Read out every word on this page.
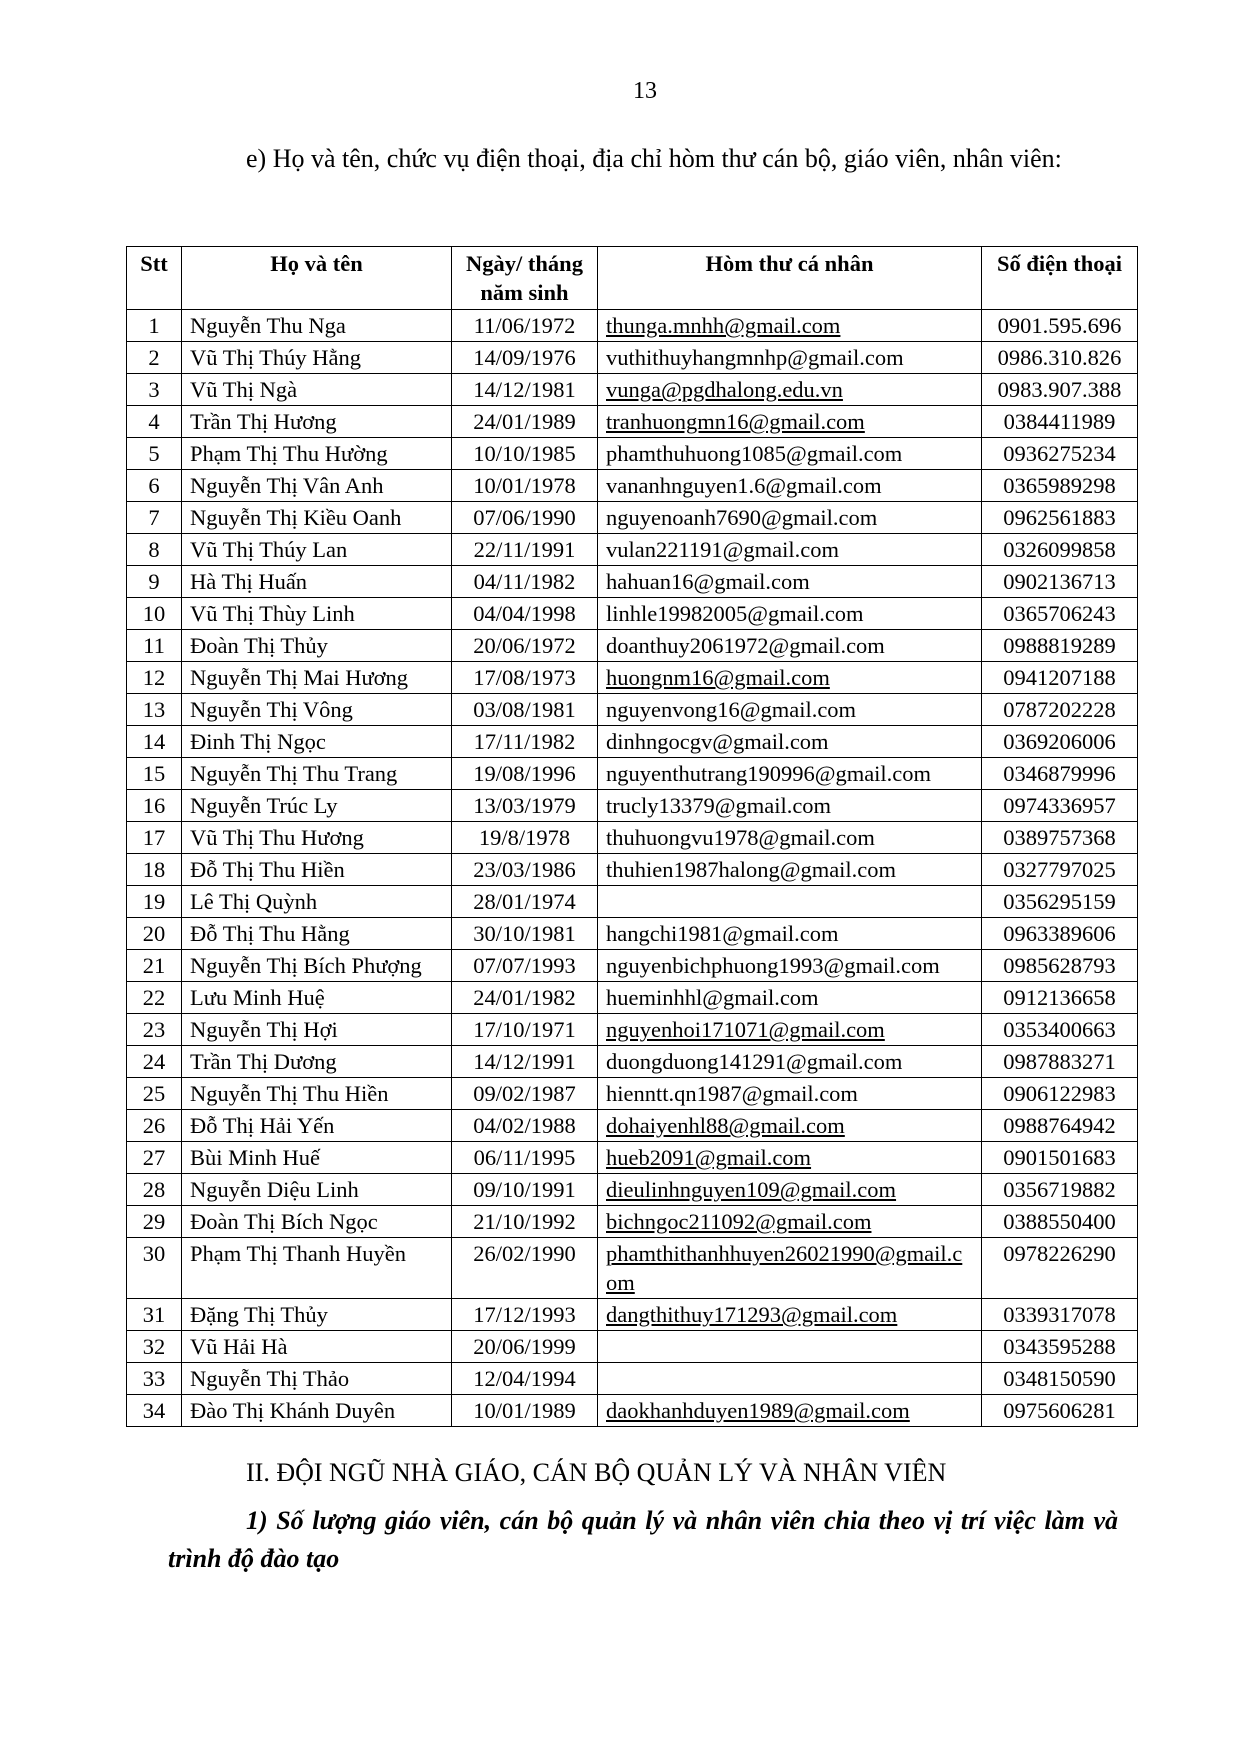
13
e) Họ và tên, chức vụ điện thoại, địa chỉ hòm thư cán bộ, giáo viên, nhân viên:
Stt	Họ và tên	Ngày/ tháng năm sinh	Hòm thư cá nhân	Số điện thoại
1	Nguyễn Thu Nga	11/06/1972	thunga.mnhh@gmail.com	0901.595.696
2	Vũ Thị Thúy Hằng	14/09/1976	vuthithuyhangmnhp@gmail.com	0986.310.826
3	Vũ Thị Ngà	14/12/1981	vunga@pgdhalong.edu.vn	0983.907.388
4	Trần Thị Hương	24/01/1989	tranhuongmn16@gmail.com	0384411989
5	Phạm Thị Thu Hường	10/10/1985	phamthuhuong1085@gmail.com	0936275234
6	Nguyễn Thị Vân Anh	10/01/1978	vananhnguyen1.6@gmail.com	0365989298
7	Nguyễn Thị Kiều Oanh	07/06/1990	nguyenoanh7690@gmail.com	0962561883
8	Vũ Thị Thúy Lan	22/11/1991	vulan221191@gmail.com	0326099858
9	Hà Thị Huấn	04/11/1982	hahuan16@gmail.com	0902136713
10	Vũ Thị Thùy Linh	04/04/1998	linhle19982005@gmail.com	0365706243
11	Đoàn Thị Thủy	20/06/1972	doanthuy2061972@gmail.com	0988819289
12	Nguyễn Thị Mai Hương	17/08/1973	huongnm16@gmail.com	0941207188
13	Nguyễn Thị Vông	03/08/1981	nguyenvong16@gmail.com	0787202228
14	Đinh Thị Ngọc	17/11/1982	dinhngocgv@gmail.com	0369206006
15	Nguyễn Thị Thu Trang	19/08/1996	nguyenthutrang190996@gmail.com	0346879996
16	Nguyễn Trúc Ly	13/03/1979	trucly13379@gmail.com	0974336957
17	Vũ Thị Thu Hương	19/8/1978	thuhuongvu1978@gmail.com	0389757368
18	Đỗ Thị Thu Hiền	23/03/1986	thuhien1987halong@gmail.com	0327797025
19	Lê Thị Quỳnh	28/01/1974		0356295159
20	Đỗ Thị Thu Hằng	30/10/1981	hangchi1981@gmail.com	0963389606
21	Nguyễn Thị Bích Phượng	07/07/1993	nguyenbichphuong1993@gmail.com	0985628793
22	Lưu Minh Huệ	24/01/1982	hueminhhl@gmail.com	0912136658
23	Nguyễn Thị Hợi	17/10/1971	nguyenhoi171071@gmail.com	0353400663
24	Trần Thị Dương	14/12/1991	duongduong141291@gmail.com	0987883271
25	Nguyễn Thị Thu Hiền	09/02/1987	hienntt.qn1987@gmail.com	0906122983
26	Đỗ Thị Hải Yến	04/02/1988	dohaiyenhl88@gmail.com	0988764942
27	Bùi Minh Huế	06/11/1995	hueb2091@gmail.com	0901501683
28	Nguyễn Diệu Linh	09/10/1991	dieulinhnguyen109@gmail.com	0356719882
29	Đoàn Thị Bích Ngọc	21/10/1992	bichngoc211092@gmail.com	0388550400
30	Phạm Thị Thanh Huyền	26/02/1990	phamthithanhhuyen26021990@gmail.com	0978226290
31	Đặng Thị Thủy	17/12/1993	dangthithuy171293@gmail.com	0339317078
32	Vũ Hải Hà	20/06/1999		0343595288
33	Nguyễn Thị Thảo	12/04/1994		0348150590
34	Đào Thị Khánh Duyên	10/01/1989	daokhanhduyen1989@gmail.com	0975606281
II. ĐỘI NGŨ NHÀ GIÁO, CÁN BỘ QUẢN LÝ VÀ NHÂN VIÊN
1) Số lượng giáo viên, cán bộ quản lý và nhân viên chia theo vị trí việc làm và trình độ đào tạo
